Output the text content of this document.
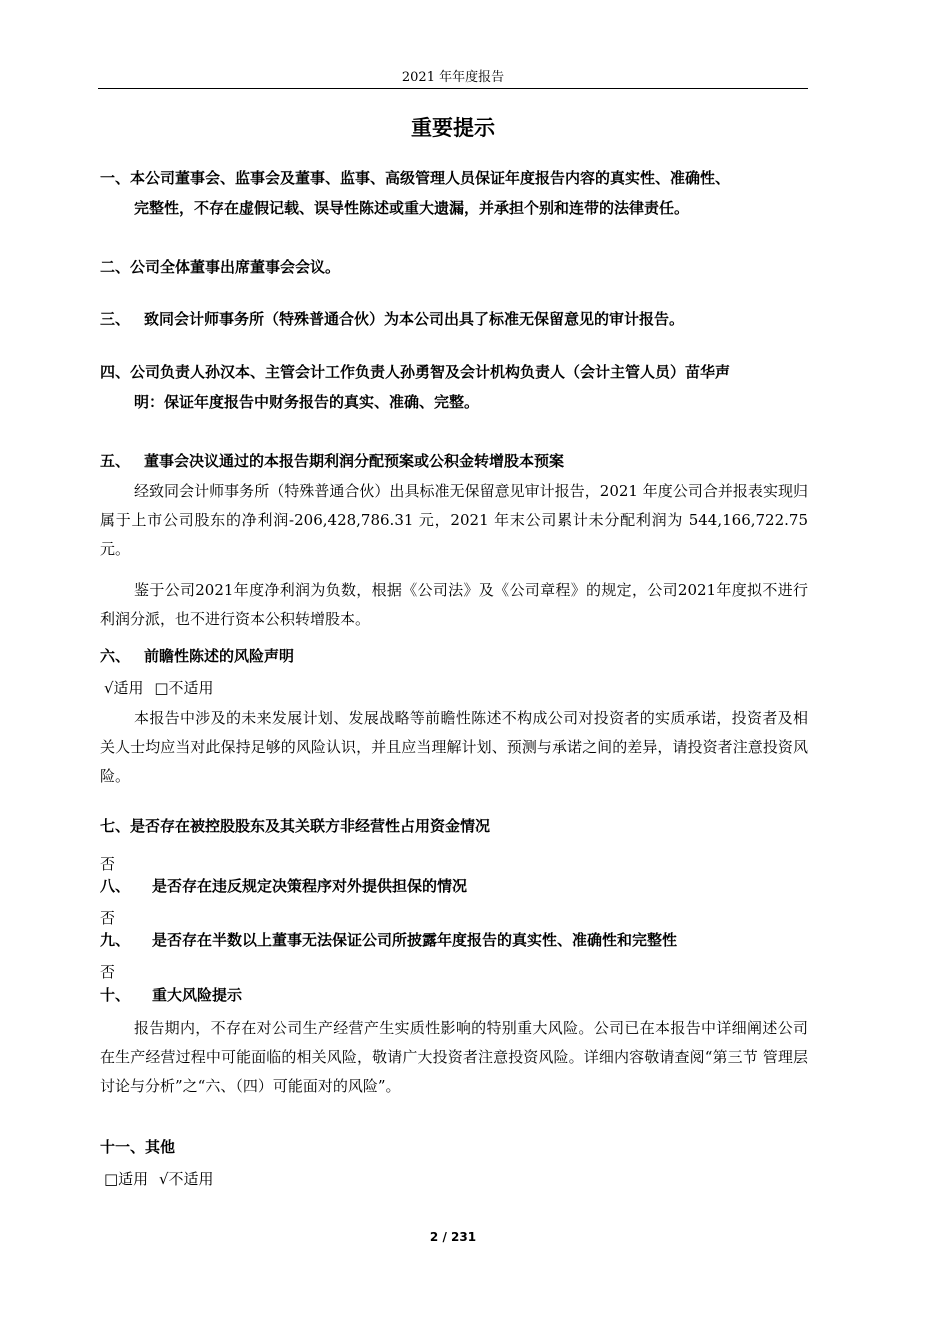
2021 年年度报告
重要提示
一、本公司董事会、监事会及董事、监事、高级管理人员保证年度报告内容的真实性、准确性、
完整性，不存在虚假记载、误导性陈述或重大遗漏，并承担个别和连带的法律责任。
二、公司全体董事出席董事会会议。
三、 致同会计师事务所（特殊普通合伙）为本公司出具了标准无保留意见的审计报告。
四、公司负责人孙汉本、主管会计工作负责人孙勇智及会计机构负责人（会计主管人员）苗华声
明：保证年度报告中财务报告的真实、准确、完整。
五、 董事会决议通过的本报告期利润分配预案或公积金转增股本预案
经致同会计师事务所（特殊普通合伙）出具标准无保留意见审计报告，2021 年度公司合并报表实现归属于上市公司股东的净利润-206,428,786.31 元，2021 年末公司累计未分配利润为 544,166,722.75 元。
鉴于公司2021年度净利润为负数，根据《公司法》及《公司章程》的规定，公司2021年度拟不进行利润分派，也不进行资本公积转增股本。
六、 前瞻性陈述的风险声明
√适用 □不适用
本报告中涉及的未来发展计划、发展战略等前瞻性陈述不构成公司对投资者的实质承诺，投资者及相关人士均应当对此保持足够的风险认识，并且应当理解计划、预测与承诺之间的差异，请投资者注意投资风险。
七、是否存在被控股股东及其关联方非经营性占用资金情况
否
八、 是否存在违反规定决策程序对外提供担保的情况
否
九、 是否存在半数以上董事无法保证公司所披露年度报告的真实性、准确性和完整性
否
十、 重大风险提示
报告期内，不存在对公司生产经营产生实质性影响的特别重大风险。公司已在本报告中详细阐述公司在生产经营过程中可能面临的相关风险，敬请广大投资者注意投资风险。详细内容敬请查阅“第三节 管理层讨论与分析”之“六、（四）可能面对的风险”。
十一、其他
□适用 √不适用
2 / 231
